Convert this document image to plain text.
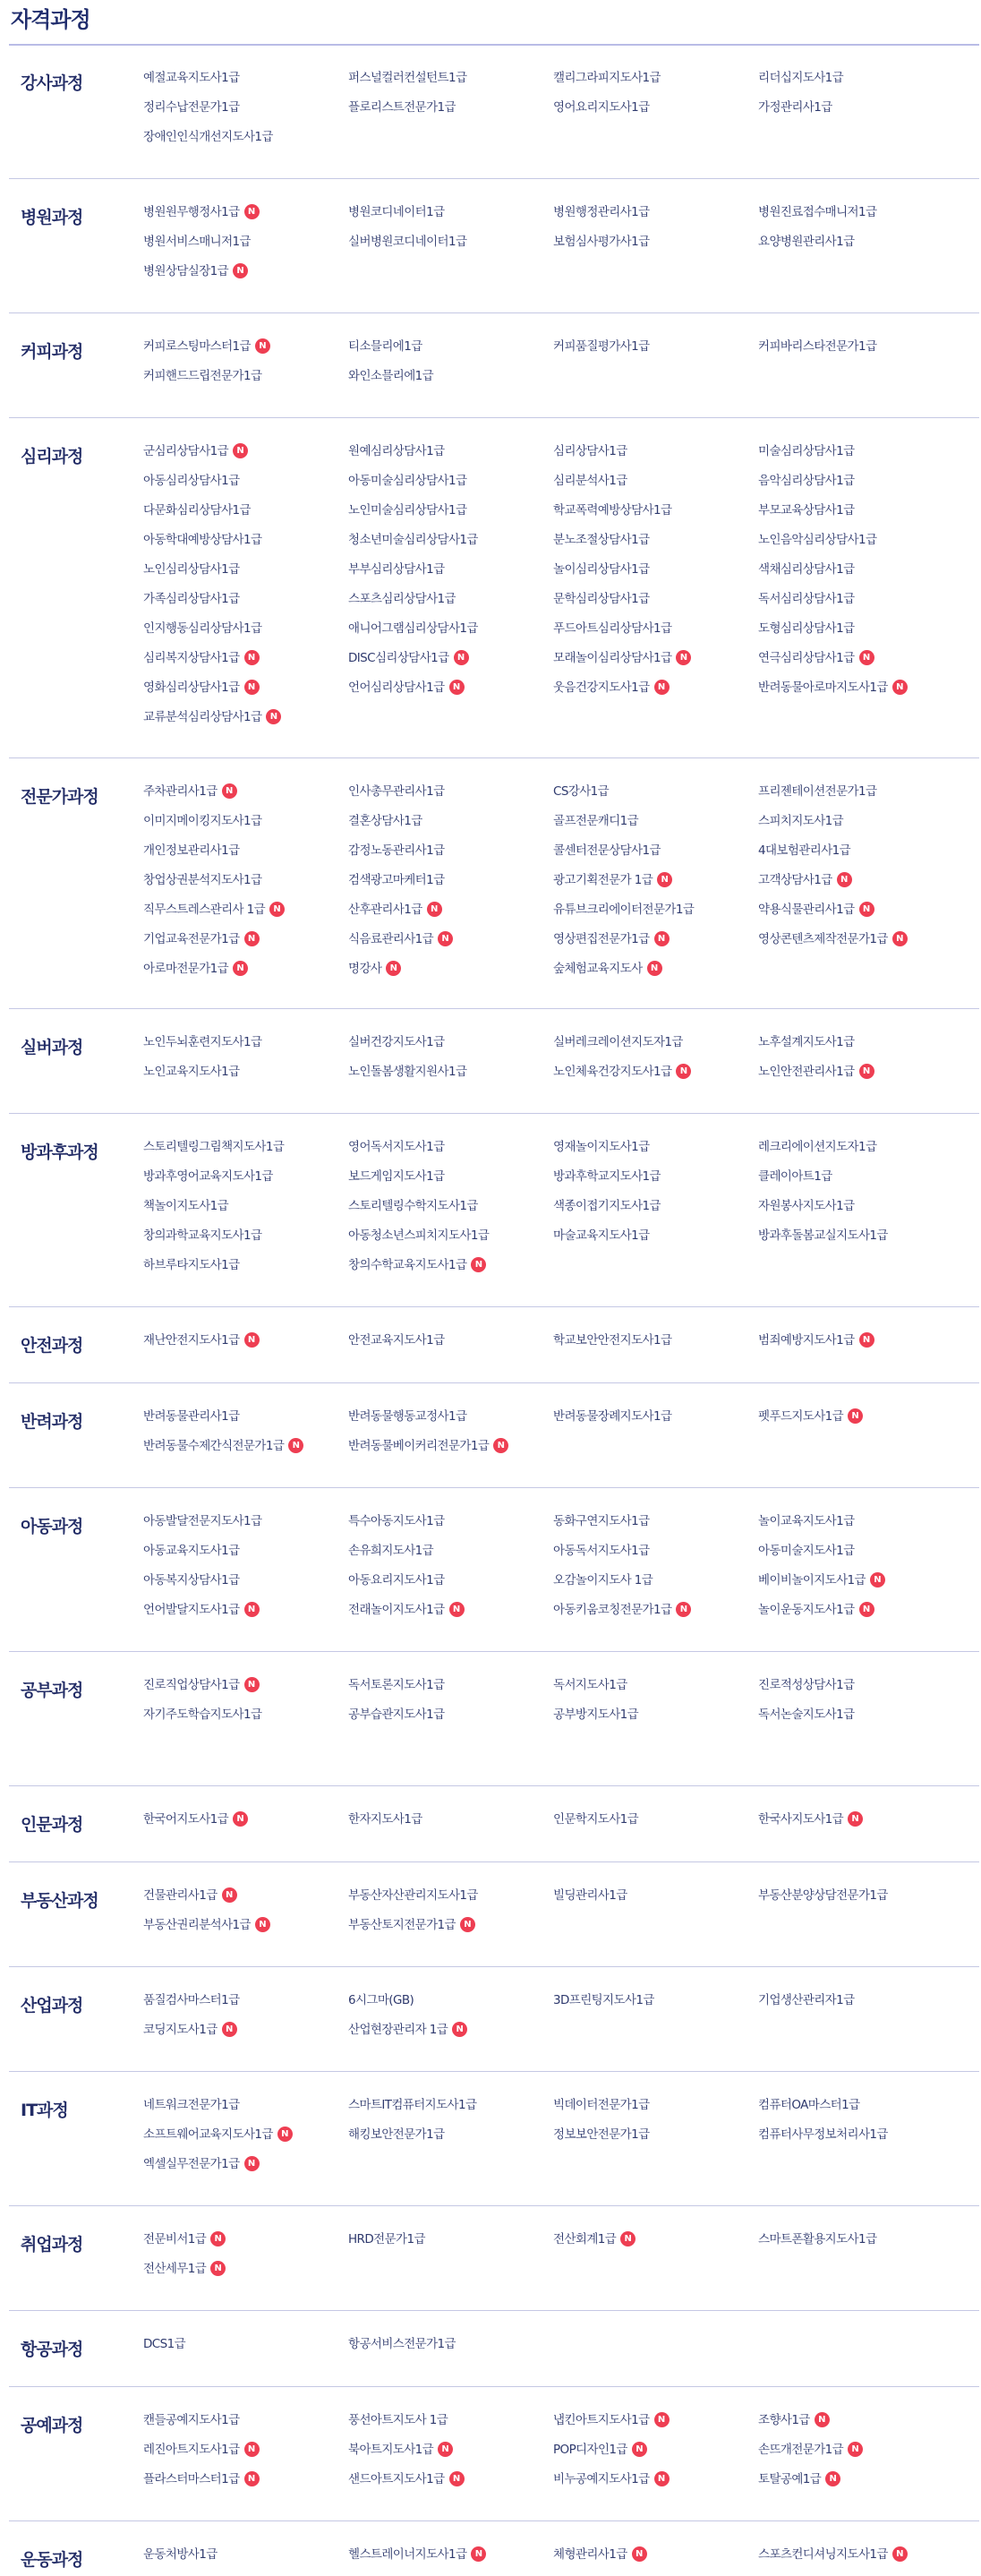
자격과정
강사과정	예절교육지도사1급	퍼스널컬러컨설턴트1급	캘리그라피지도사1급	리더십지도사1급
정리수납전문가1급	플로리스트전문가1급	영어요리지도사1급	가정관리사1급
장애인인식개선지도사1급
병원과정	병원원무행정사1급 N	병원코디네이터1급	병원행정관리사1급	병원진료접수매니저1급
병원서비스매니저1급	실버병원코디네이터1급	보험심사평가사1급	요양병원관리사1급
병원상담실장1급 N
커피과정	커피로스팅마스터1급 N	티소믈리에1급	커피품질평가사1급	커피바리스타전문가1급
커피핸드드립전문가1급	와인소믈리에1급
심리과정	군심리상담사1급 N	원예심리상담사1급	심리상담사1급	미술심리상담사1급
아동심리상담사1급	아동미술심리상담사1급	심리분석사1급	음악심리상담사1급
다문화심리상담사1급	노인미술심리상담사1급	학교폭력예방상담사1급	부모교육상담사1급
아동학대예방상담사1급	청소년미술심리상담사1급	분노조절상담사1급	노인음악심리상담사1급
노인심리상담사1급	부부심리상담사1급	놀이심리상담사1급	색채심리상담사1급
가족심리상담사1급	스포츠심리상담사1급	문학심리상담사1급	독서심리상담사1급
인지행동심리상담사1급	애니어그램심리상담사1급	푸드아트심리상담사1급	도형심리상담사1급
심리복지상담사1급 N	DISC심리상담사1급 N	모래놀이심리상담사1급 N	연극심리상담사1급 N
영화심리상담사1급 N	언어심리상담사1급 N	웃음건강지도사1급 N	반려동물아로마지도사1급 N
교류분석심리상담사1급 N
전문가과정	주차관리사1급 N	인사총무관리사1급	CS강사1급	프리젠테이션전문가1급
이미지메이킹지도사1급	결혼상담사1급	골프전문캐디1급	스피치지도사1급
개인정보관리사1급	감정노동관리사1급	콜센터전문상담사1급	4대보험관리사1급
창업상권분석지도사1급	검색광고마케터1급	광고기획전문가 1급 N	고객상담사1급 N
직무스트레스관리사 1급 N	산후관리사1급 N	유튜브크리에이터전문가1급	약용식물관리사1급 N
기업교육전문가1급 N	식음료관리사1급 N	영상편집전문가1급 N	영상콘텐츠제작전문가1급 N
아로마전문가1급 N	명강사 N	숲체험교육지도사 N
실버과정	노인두뇌훈련지도사1급	실버건강지도사1급	실버레크레이션지도자1급	노후설계지도사1급
노인교육지도사1급	노인돌봄생활지원사1급	노인체육건강지도사1급 N	노인안전관리사1급 N
방과후과정	스토리텔링그림책지도사1급	영어독서지도사1급	영재놀이지도사1급	레크리에이션지도자1급
방과후영어교육지도사1급	보드게임지도사1급	방과후학교지도사1급	클레이아트1급
책놀이지도사1급	스토리텔링수학지도사1급	색종이접기지도사1급	자원봉사지도사1급
창의과학교육지도사1급	아동청소년스피치지도사1급	마술교육지도사1급	방과후돌봄교실지도사1급
하브루타지도사1급	창의수학교육지도사1급 N
안전과정	재난안전지도사1급 N	안전교육지도사1급	학교보안안전지도사1급	범죄예방지도사1급 N
반려과정	반려동물관리사1급	반려동물행동교정사1급	반려동물장례지도사1급	펫푸드지도사1급 N
반려동물수제간식전문가1급 N	반려동물베이커리전문가1급 N
아동과정	아동발달전문지도사1급	특수아동지도사1급	동화구연지도사1급	놀이교육지도사1급
아동교육지도사1급	손유희지도사1급	아동독서지도사1급	아동미술지도사1급
아동복지상담사1급	아동요리지도사1급	오감놀이지도사 1급	베이비놀이지도사1급 N
언어발달지도사1급 N	전래놀이지도사1급 N	아동키움코칭전문가1급 N	놀이운동지도사1급 N
공부과정	진로직업상담사1급 N	독서토론지도사1급	독서지도사1급	진로적성상담사1급
자기주도학습지도사1급	공부습관지도사1급	공부방지도사1급	독서논술지도사1급
인문과정	한국어지도사1급 N	한자지도사1급	인문학지도사1급	한국사지도사1급 N
부동산과정	건물관리사1급 N	부동산자산관리지도사1급	빌딩관리사1급	부동산분양상담전문가1급
부동산권리분석사1급 N	부동산토지전문가1급 N
산업과정	품질검사마스터1급	6시그마(GB)	3D프린팅지도사1급	기업생산관리자1급
코딩지도사1급 N	산업현장관리자 1급 N
IT과정	네트워크전문가1급	스마트IT컴퓨터지도사1급	빅데이터전문가1급	컴퓨터OA마스터1급
소프트웨어교육지도사1급 N	해킹보안전문가1급	정보보안전문가1급	컴퓨터사무정보처리사1급
엑셀실무전문가1급 N
취업과정	전문비서1급 N	HRD전문가1급	전산회계1급 N	스마트폰활용지도사1급
전산세무1급 N
항공과정	DCS1급	항공서비스전문가1급
공예과정	캔들공예지도사1급	풍선아트지도사 1급	냅킨아트지도사1급 N	조향사1급 N
레진아트지도사1급 N	북아트지도사1급 N	POP디자인1급 N	손뜨개전문가1급 N
플라스터마스터1급 N	샌드아트지도사1급 N	비누공예지도사1급 N	토탈공예1급 N
운동과정	운동처방사1급	헬스트레이너지도사1급 N	체형관리사1급 N	스포츠컨디셔닝지도사1급 N
